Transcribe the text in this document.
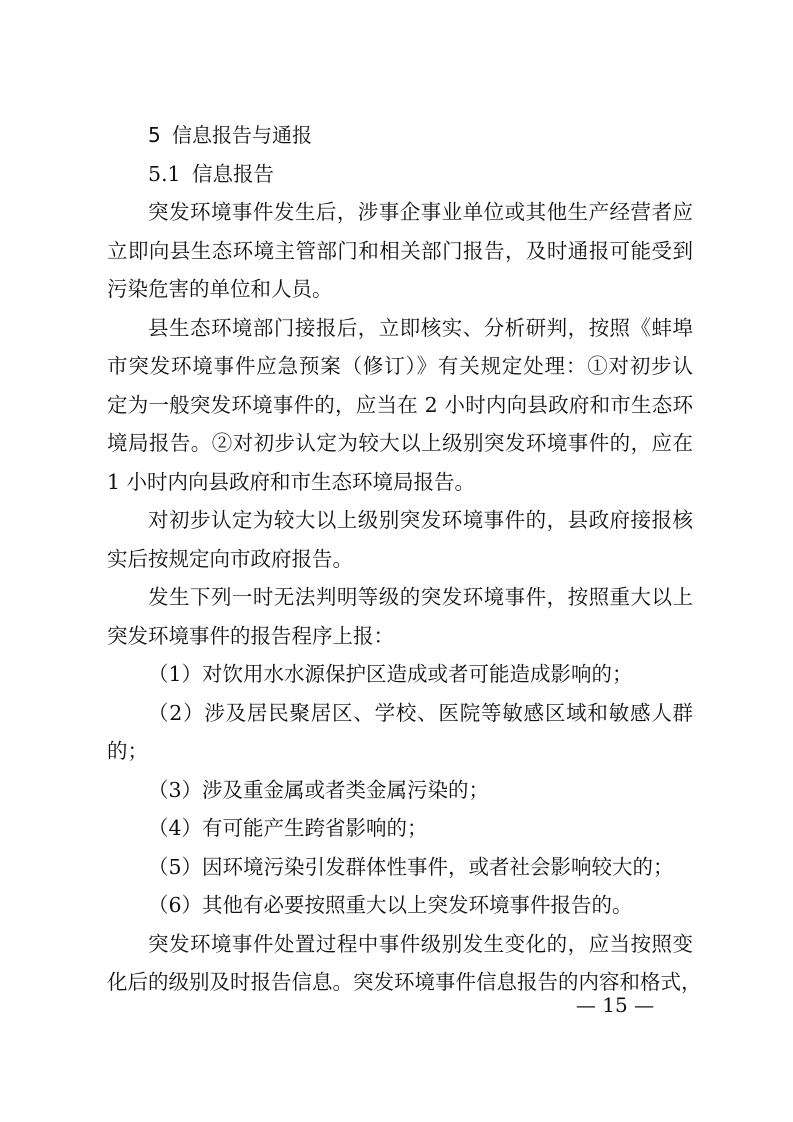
5 信息报告与通报
5.1 信息报告
突发环境事件发生后，涉事企事业单位或其他生产经营者应
立即向县生态环境主管部门和相关部门报告，及时通报可能受到
污染危害的单位和人员。
县生态环境部门接报后，立即核实、分析研判，按照《蚌埠
市突发环境事件应急预案（修订）》有关规定处理：①对初步认
定为一般突发环境事件的，应当在 2 小时内向县政府和市生态环
境局报告。②对初步认定为较大以上级别突发环境事件的，应在
1 小时内向县政府和市生态环境局报告。
对初步认定为较大以上级别突发环境事件的，县政府接报核
实后按规定向市政府报告。
发生下列一时无法判明等级的突发环境事件，按照重大以上
突发环境事件的报告程序上报：
（1）对饮用水水源保护区造成或者可能造成影响的；
（2）涉及居民聚居区、学校、医院等敏感区域和敏感人群
的；
（3）涉及重金属或者类金属污染的；
（4）有可能产生跨省影响的；
（5）因环境污染引发群体性事件，或者社会影响较大的；
（6）其他有必要按照重大以上突发环境事件报告的。
突发环境事件处置过程中事件级别发生变化的，应当按照变
化后的级别及时报告信息。突发环境事件信息报告的内容和格式，
— 15 —
